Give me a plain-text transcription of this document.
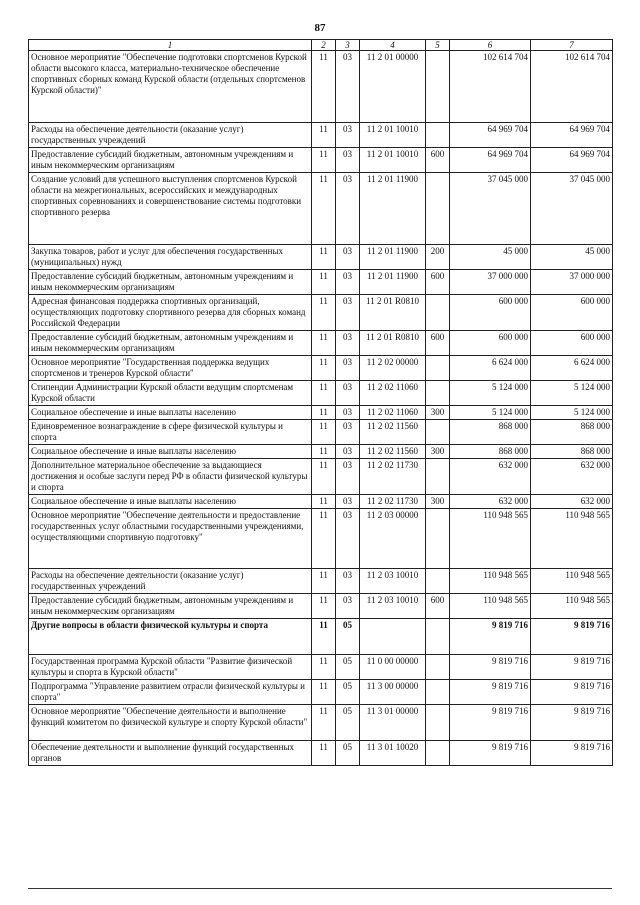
87
1	2	3	4	5	6	7
Основное мероприятие "Обеспечение подготовки спортсменов Курской области высокого класса, материально-техническое обеспечение спортивных сборных команд Курской области (отдельных спортсменов Курской области)"	11	03	11 2 01 00000		102 614 704	102 614 704
Расходы на обеспечение деятельности (оказание услуг) государственных учреждений	11	03	11 2 01 10010		64 969 704	64 969 704
Предоставление субсидий бюджетным, автономным учреждениям и иным некоммерческим организациям	11	03	11 2 01 10010	600	64 969 704	64 969 704
Создание условий для успешного выступления спортсменов Курской области на межрегиональных, всероссийских и международных спортивных соревнованиях и совершенствование системы подготовки спортивного резерва	11	03	11 2 01 11900		37 045 000	37 045 000
Закупка товаров, работ и услуг для обеспечения государственных (муниципальных) нужд	11	03	11 2 01 11900	200	45 000	45 000
Предоставление субсидий бюджетным, автономным учреждениям и иным некоммерческим организациям	11	03	11 2 01 11900	600	37 000 000	37 000 000
Адресная финансовая поддержка спортивных организаций, осуществляющих подготовку спортивного резерва для сборных команд Российской Федерации	11	03	11 2 01 R0810		600 000	600 000
Предоставление субсидий бюджетным, автономным учреждениям и иным некоммерческим организациям	11	03	11 2 01 R0810	600	600 000	600 000
Основное мероприятие "Государственная поддержка ведущих спортсменов и тренеров Курской области"	11	03	11 2 02 00000		6 624 000	6 624 000
Стипендии Администрации Курской области ведущим спортсменам Курской области	11	03	11 2 02 11060		5 124 000	5 124 000
Социальное обеспечение и иные выплаты населению	11	03	11 2 02 11060	300	5 124 000	5 124 000
Единовременное вознаграждение в сфере физической культуры и спорта	11	03	11 2 02 11560		868 000	868 000
Социальное обеспечение и иные выплаты населению	11	03	11 2 02 11560	300	868 000	868 000
Дополнительное материальное обеспечение за выдающиеся достижения и особые заслуги перед РФ в области физической культуры и спорта	11	03	11 2 02 11730		632 000	632 000
Социальное обеспечение и иные выплаты населению	11	03	11 2 02 11730	300	632 000	632 000
Основное мероприятие "Обеспечение деятельности и предоставление государственных услуг областными государственными учреждениями, осуществляющими спортивную подготовку"	11	03	11 2 03 00000		110 948 565	110 948 565
Расходы на обеспечение деятельности (оказание услуг) государственных учреждений	11	03	11 2 03 10010		110 948 565	110 948 565
Предоставление субсидий бюджетным, автономным учреждениям и иным некоммерческим организациям	11	03	11 2 03 10010	600	110 948 565	110 948 565
Другие вопросы в области физической культуры и спорта	11	05			9 819 716	9 819 716
Государственная программа Курской области "Развитие физической культуры и спорта в Курской области"	11	05	11 0 00 00000		9 819 716	9 819 716
Подпрограмма "Управление развитием отрасли физической культуры и спорта"	11	05	11 3 00 00000		9 819 716	9 819 716
Основное мероприятие "Обеспечение деятельности и выполнение функций комитетом по физической культуре и спорту Курской области"	11	05	11 3 01 00000		9 819 716	9 819 716
Обеспечение деятельности и выполнение функций государственных органов	11	05	11 3 01 10020		9 819 716	9 819 716
